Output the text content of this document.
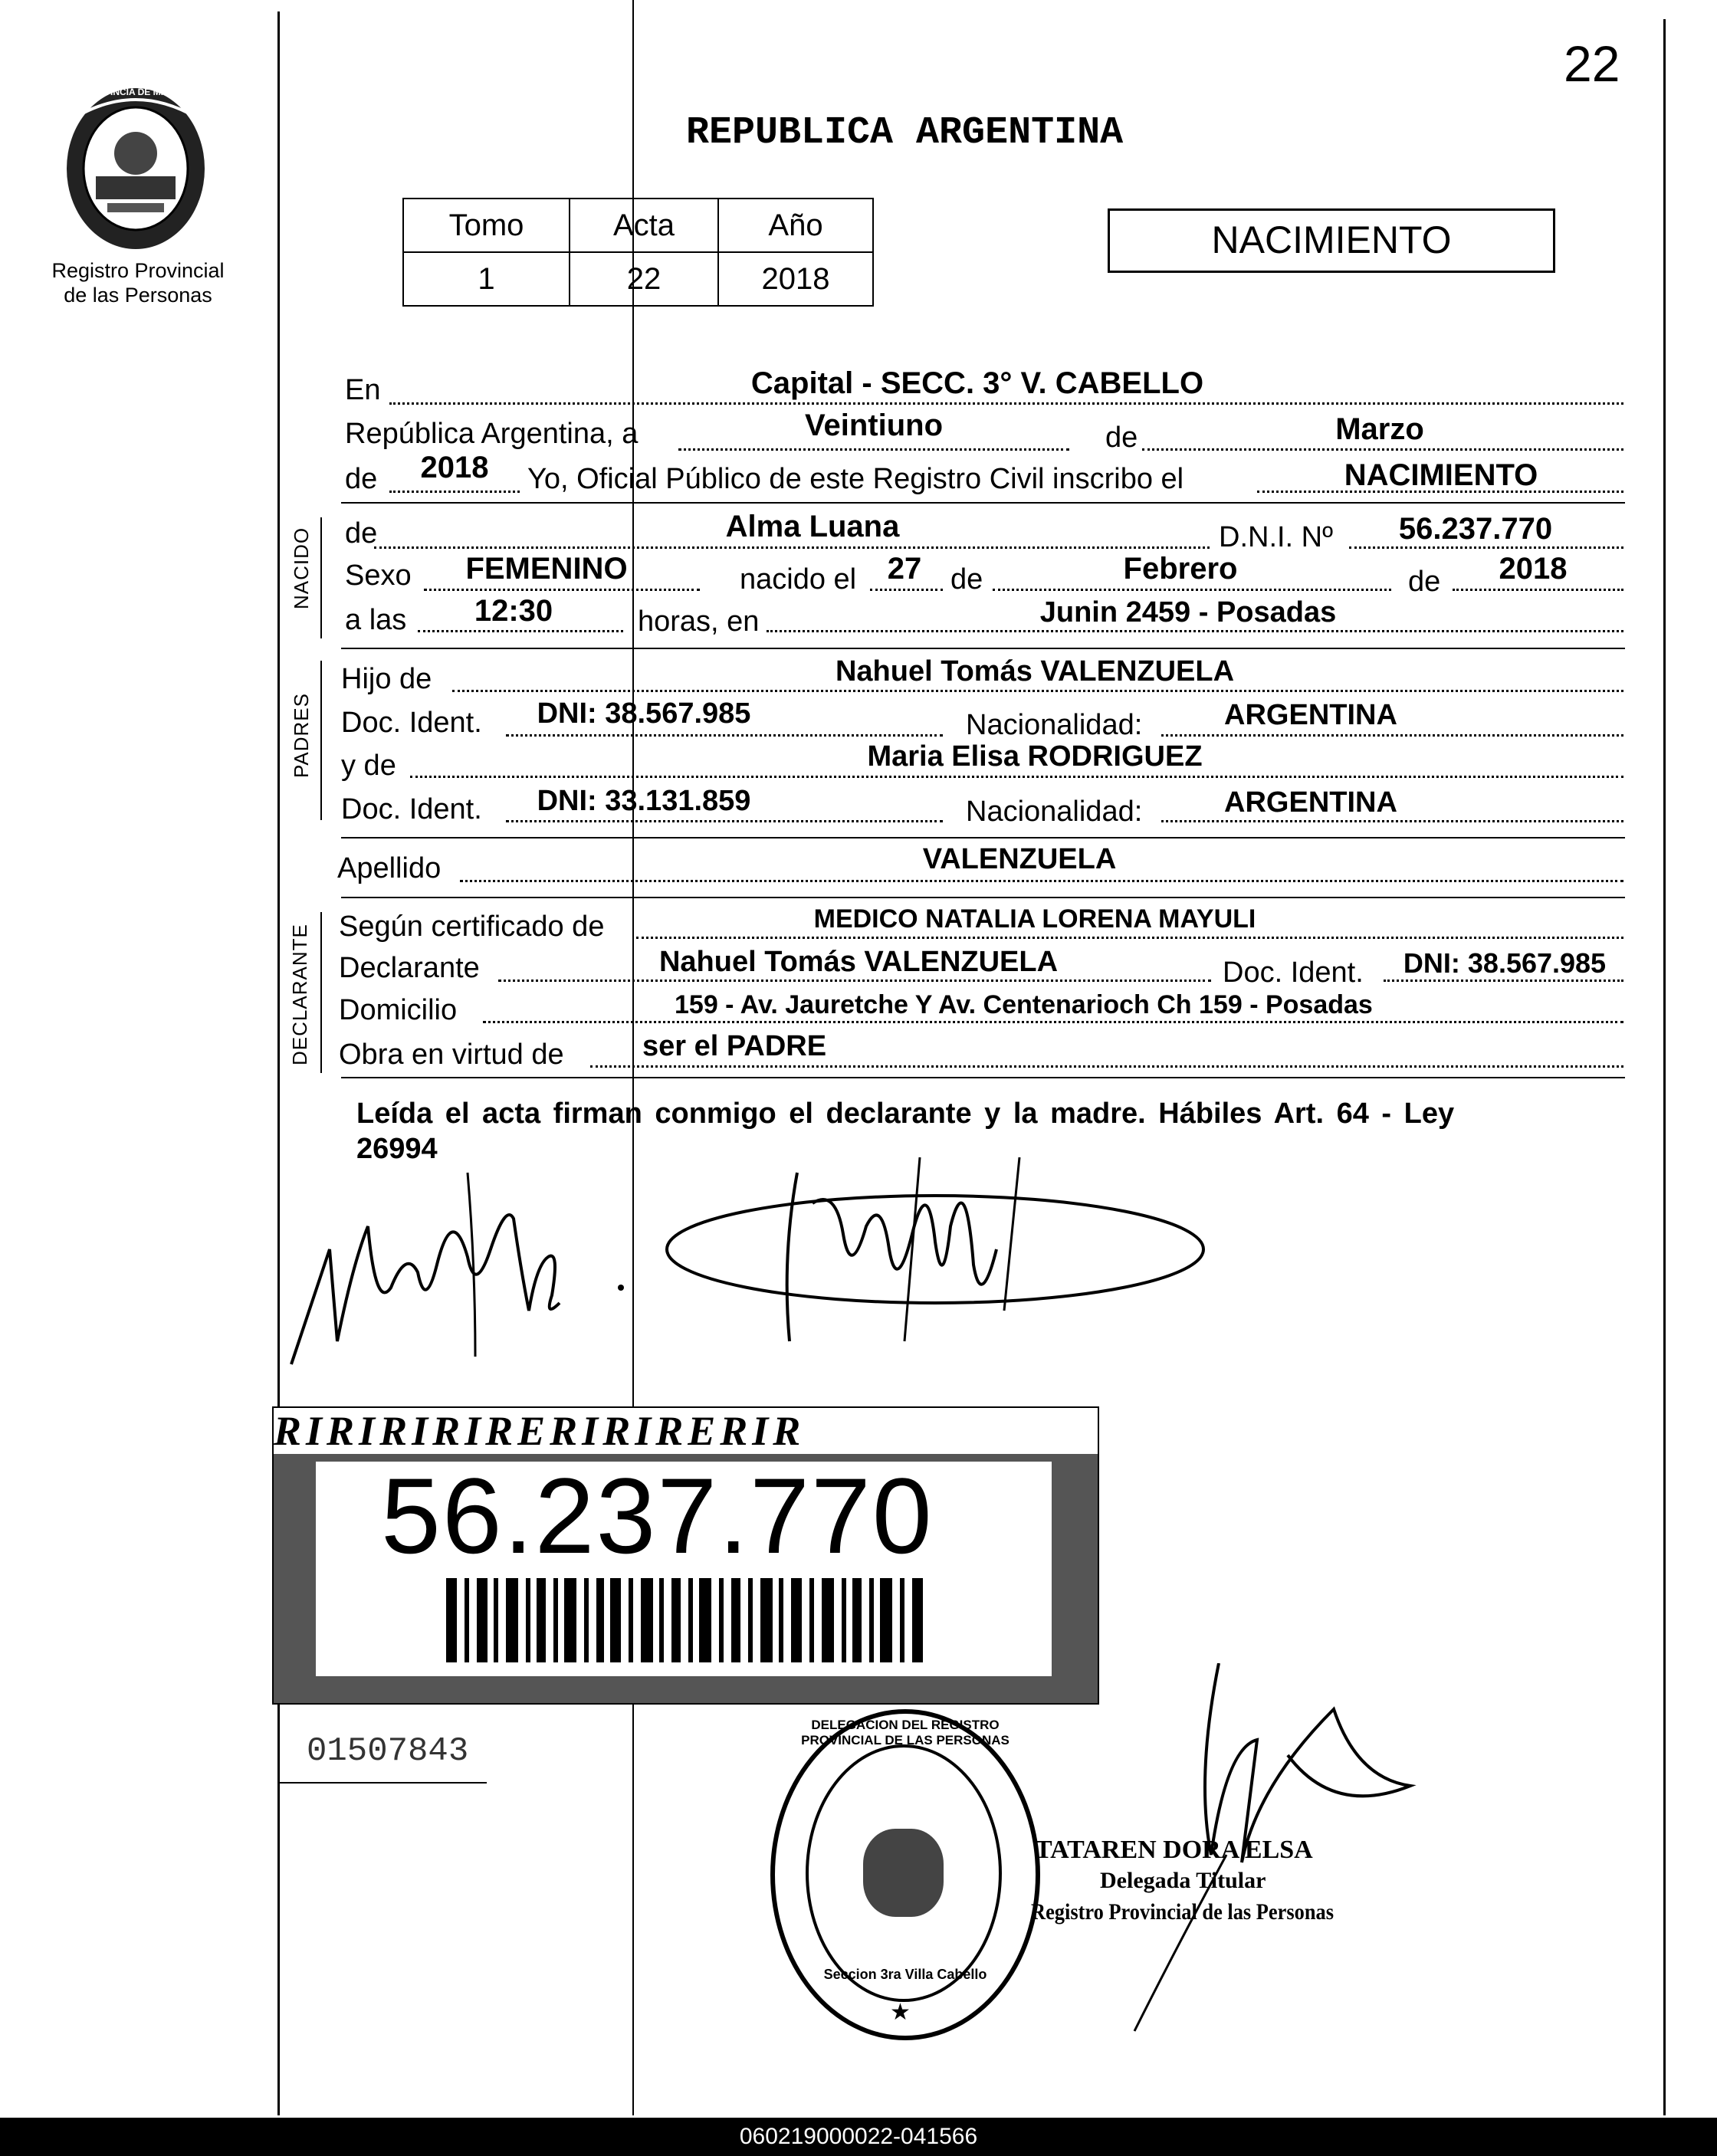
22
PROVINCIA DE MISIONES
Registro Provincial
de las Personas
REPUBLICA ARGENTINA
Tomo	Acta	Año
1	22	2018
NACIMIENTO
En	Capital - SECC. 3° V. CABELLO
República Argentina, a	Veintiuno	de	Marzo
de	2018	Yo, Oficial Público de este Registro Civil inscribo el	NACIMIENTO
NACIDO de	Alma Luana	D.N.I. Nº	56.237.770
Sexo	FEMENINO	nacido el	27 de	Febrero	de	2018
a las	12:30	horas, en	Junin 2459 - Posadas
PADRES
Hijo de	Nahuel Tomás VALENZUELA
Doc. Ident.	DNI: 38.567.985	Nacionalidad:	ARGENTINA
y de	Maria Elisa RODRIGUEZ
Doc. Ident.	DNI: 33.131.859	Nacionalidad:	ARGENTINA
Apellido	VALENZUELA
DECLARANTE Según certificado de	MEDICO NATALIA LORENA MAYULI
Declarante	Nahuel Tomás VALENZUELA	Doc. Ident.	DNI: 38.567.985
Domicilio	159 - Av. Jauretche Y Av. Centenarioch Ch 159 - Posadas
Obra en virtud de	ser el PADRE
Leída el acta firman conmigo el declarante y la madre. Hábiles Art. 64 - Ley
26994
RIRIRIRIRERIRIRERIR
56.237.770
01507843
DELEGACION DEL REGISTRO PROVINCIAL DE LAS PERSONAS
Seccion 3ra Villa Cabello
★
TATAREN DORA ELSA
Delegada Titular
Registro Provincial de las Personas
060219000022-041566
